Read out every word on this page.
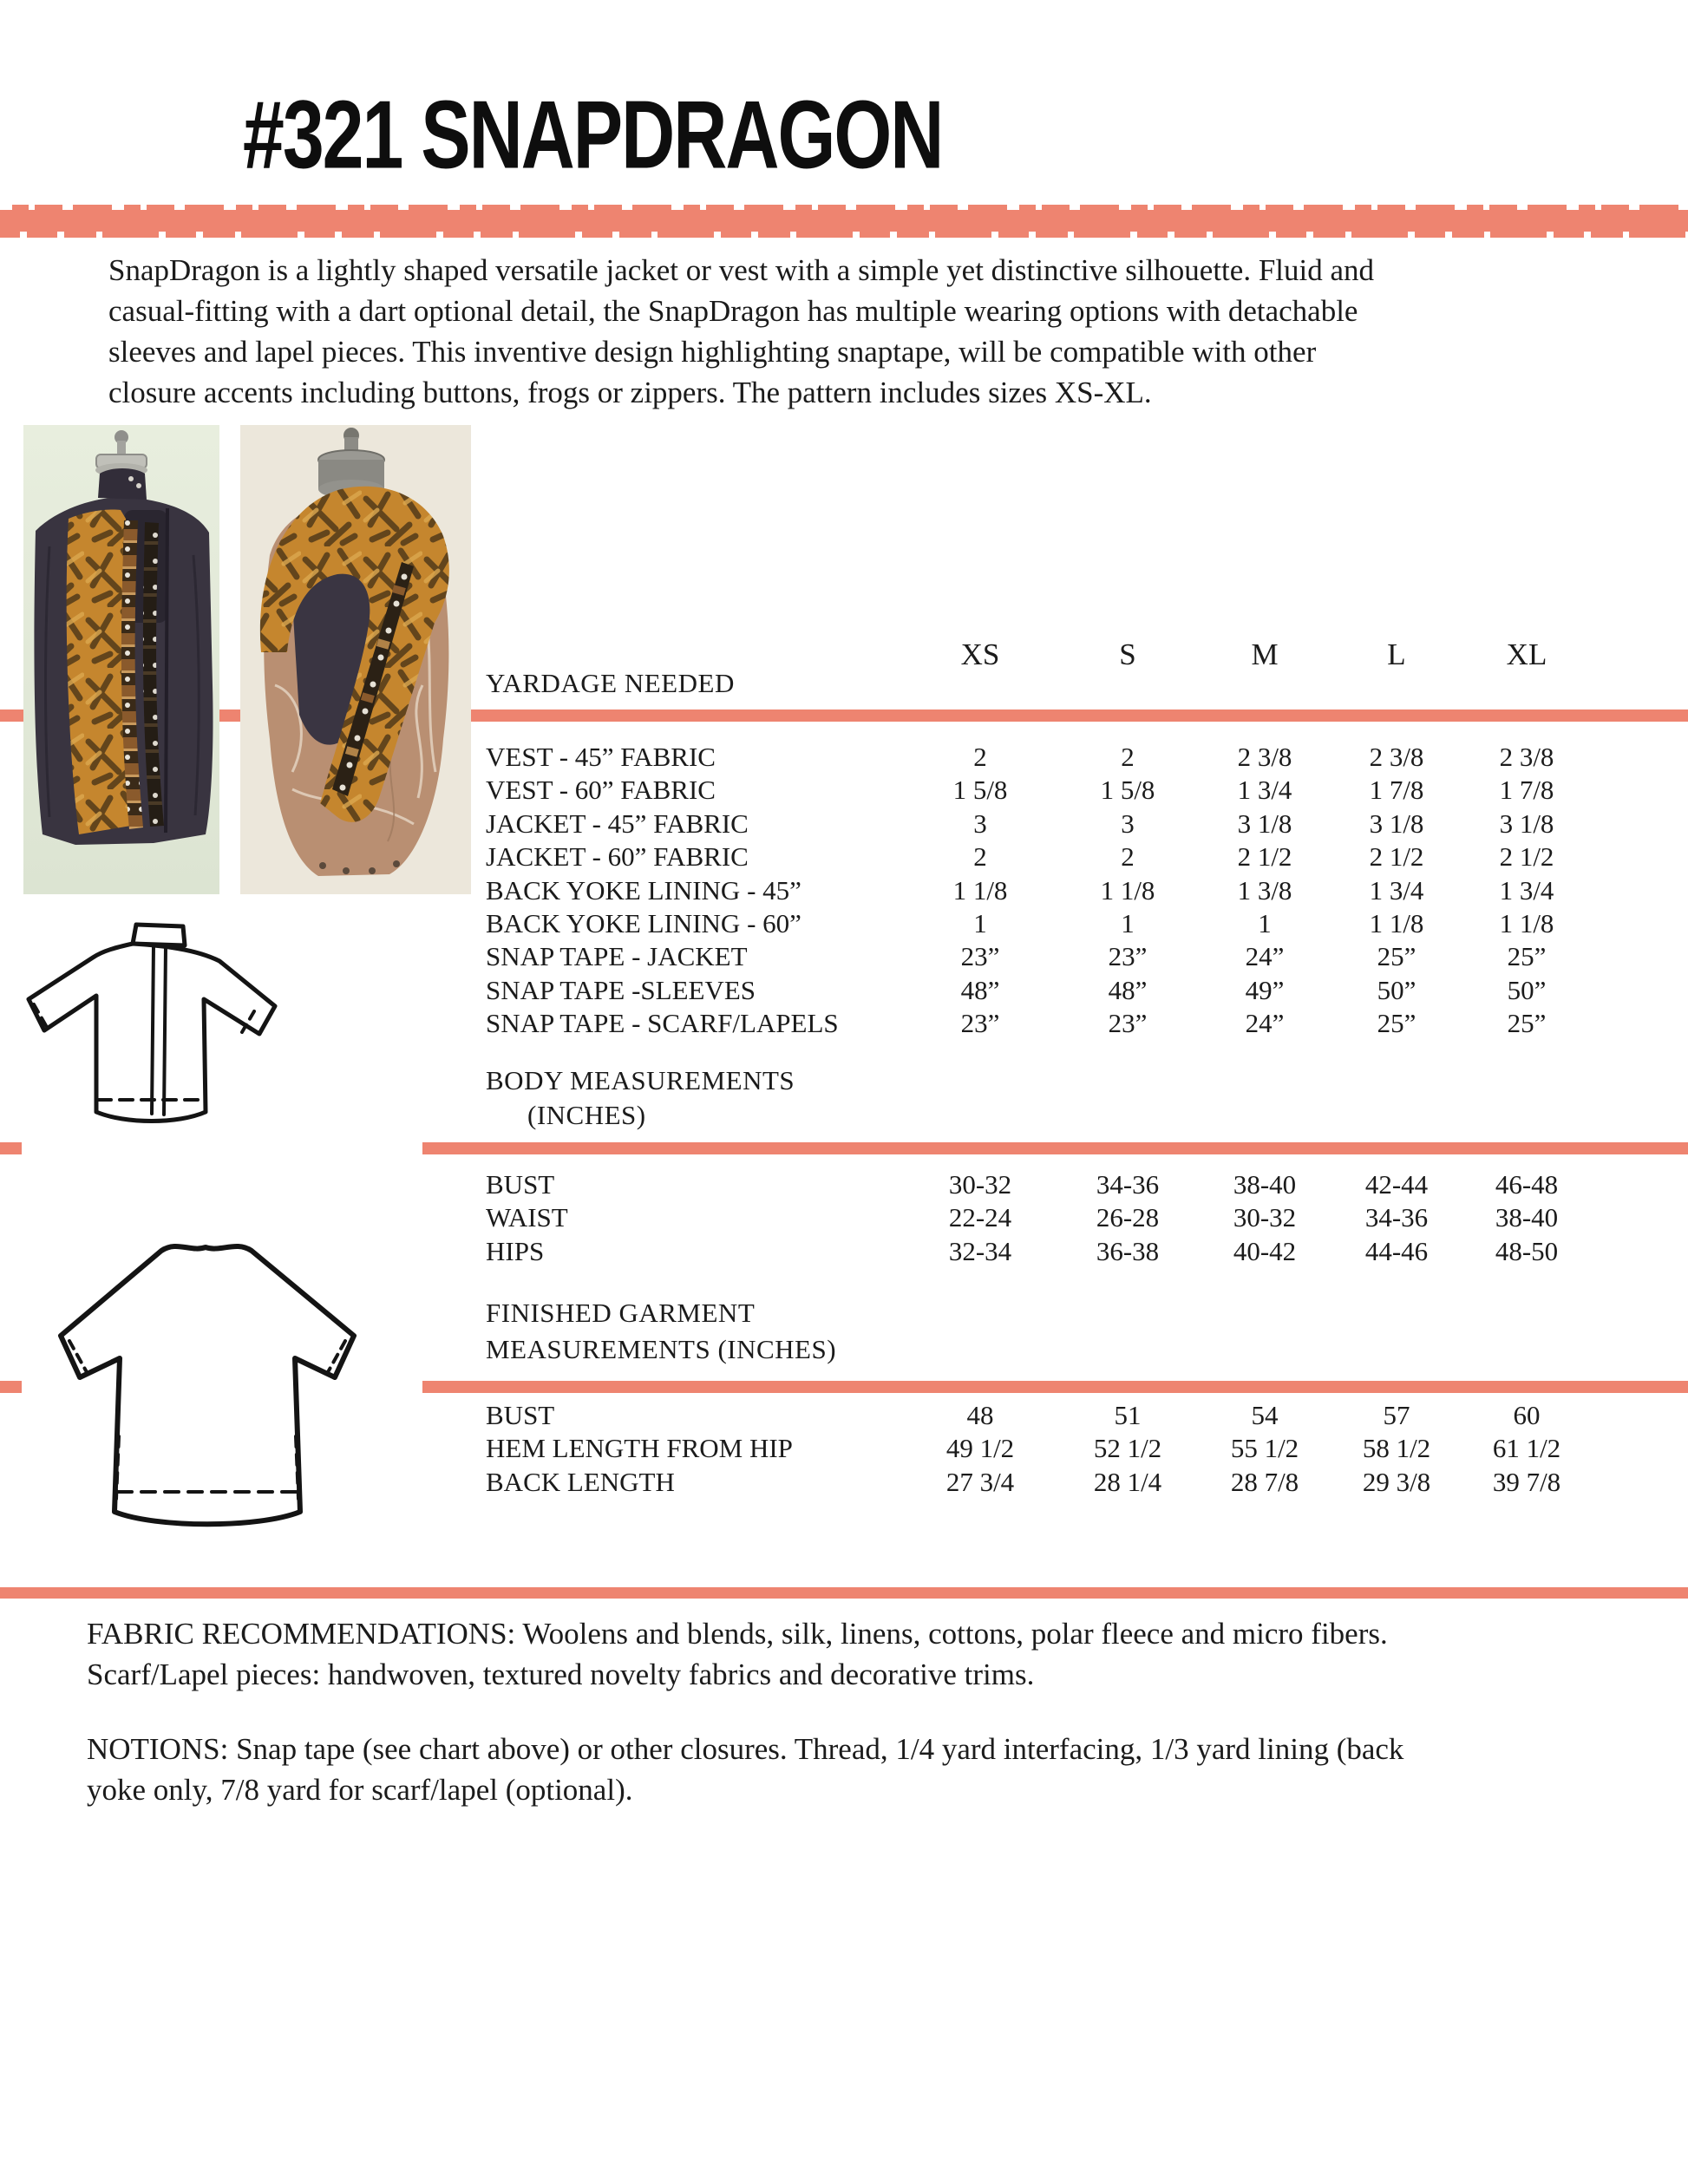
#321 SNAPDRAGON
SnapDragon is a lightly shaped versatile jacket or vest with a simple yet distinctive silhouette. Fluid and
casual-fitting with a dart optional detail, the SnapDragon has multiple wearing options with detachable
sleeves and lapel pieces. This inventive design highlighting snaptape, will be compatible with other
closure accents including buttons, frogs or zippers. The pattern includes sizes XS-XL.
XS	S	M	L	XL
YARDAGE NEEDED
VEST - 45” FABRIC	2	2	2 3/8	2 3/8	2 3/8
VEST - 60” FABRIC	1 5/8	1 5/8	1 3/4	1 7/8	1 7/8
JACKET - 45” FABRIC	3	3	3 1/8	3 1/8	3 1/8
JACKET - 60” FABRIC	2	2	2 1/2	2 1/2	2 1/2
BACK YOKE LINING - 45”	1 1/8	1 1/8	1 3/8	1 3/4	1 3/4
BACK YOKE LINING - 60”	1	1	1	1 1/8	1 1/8
SNAP TAPE - JACKET	23”	23”	24”	25”	25”
SNAP TAPE -SLEEVES	48”	48”	49”	50”	50”
SNAP TAPE - SCARF/LAPELS	23”	23”	24”	25”	25”
BODY MEASUREMENTS
(INCHES)
BUST	30-32	34-36	38-40	42-44	46-48
WAIST	22-24	26-28	30-32	34-36	38-40
HIPS	32-34	36-38	40-42	44-46	48-50
FINISHED GARMENT
MEASUREMENTS (INCHES)
BUST	48	51	54	57	60
HEM LENGTH FROM HIP	49 1/2	52 1/2	55 1/2	58 1/2	61 1/2
BACK LENGTH	27 3/4	28 1/4	28 7/8	29 3/8	39 7/8
FABRIC RECOMMENDATIONS: Woolens and blends, silk, linens, cottons, polar fleece and micro fibers.
Scarf/Lapel pieces: handwoven, textured novelty fabrics and decorative trims.
NOTIONS: Snap tape (see chart above) or other closures. Thread, 1/4 yard interfacing, 1/3 yard lining (back
yoke only, 7/8 yard for scarf/lapel (optional).
